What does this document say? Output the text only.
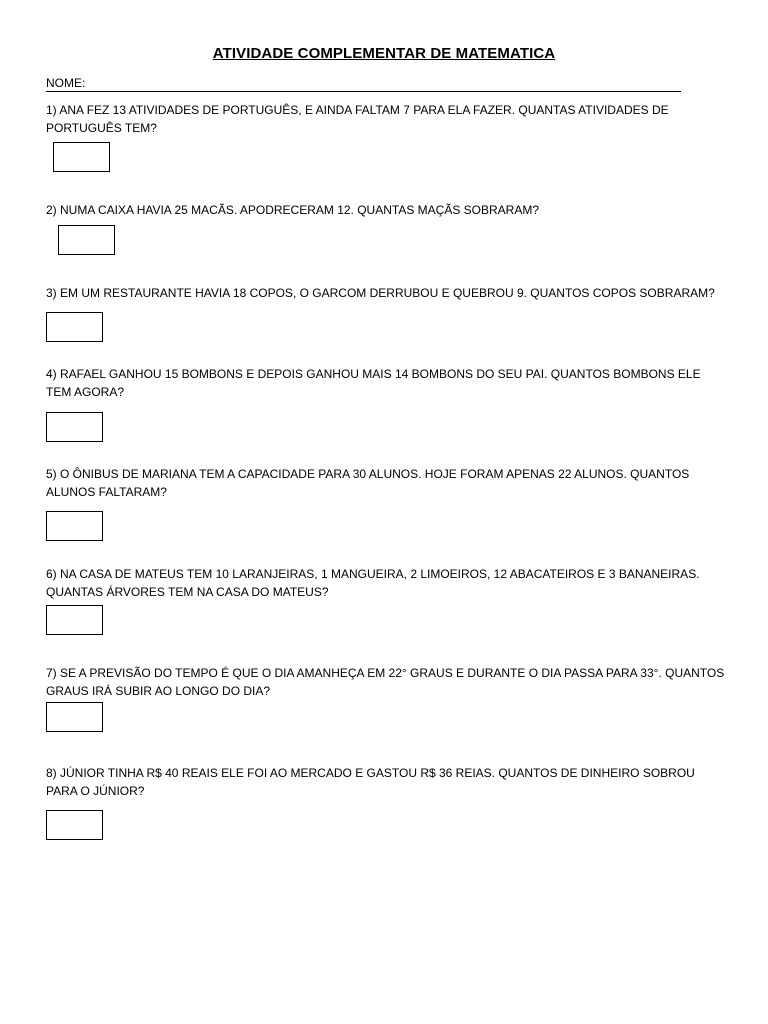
ATIVIDADE COMPLEMENTAR DE MATEMATICA
NOME:
1) ANA FEZ 13 ATIVIDADES DE PORTUGUÊS, E AINDA FALTAM 7 PARA ELA FAZER. QUANTAS ATIVIDADES DE PORTUGUÊS TEM?
2) NUMA CAIXA HAVIA 25 MACÃS. APODRECERAM 12. QUANTAS MAÇÃS SOBRARAM?
3) EM UM RESTAURANTE HAVIA 18 COPOS, O GARCOM DERRUBOU E QUEBROU 9. QUANTOS COPOS SOBRARAM?
4) RAFAEL GANHOU 15 BOMBONS E DEPOIS GANHOU MAIS 14 BOMBONS DO SEU PAI. QUANTOS BOMBONS ELE TEM AGORA?
5) O ÔNIBUS DE MARIANA TEM A CAPACIDADE PARA 30 ALUNOS. HOJE FORAM APENAS 22 ALUNOS. QUANTOS ALUNOS FALTARAM?
6) NA CASA DE MATEUS TEM 10 LARANJEIRAS, 1 MANGUEIRA, 2 LIMOEIROS, 12 ABACATEIROS E 3 BANANEIRAS. QUANTAS ÁRVORES TEM NA CASA DO MATEUS?
7) SE A PREVISÃO DO TEMPO É QUE O DIA AMANHEÇA EM 22° GRAUS E DURANTE O DIA PASSA PARA 33°. QUANTOS GRAUS IRÁ SUBIR AO LONGO DO DIA?
8) JÚNIOR TINHA R$ 40 REAIS ELE FOI AO MERCADO E GASTOU R$ 36 REIAS. QUANTOS DE DINHEIRO SOBROU PARA O JÚNIOR?
